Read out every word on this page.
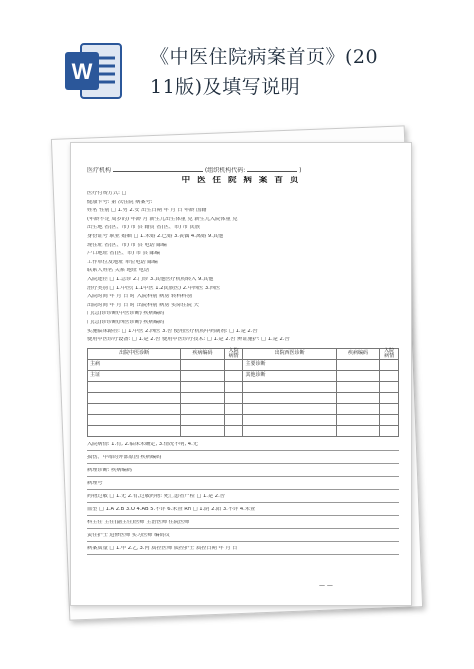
W
《中医住院病案首页》(20
11版)及填写说明
医疗机构	(组织机构代码:	)
中 医 住 院 病 案 首 页
医疗付费方式: □
健康卡号: 第 次住院 病案号:
姓名 性别 □ 1.男 2.女 出生日期 年 月 日 年龄 国籍
(年龄不足 周岁的) 年龄 月 新生儿出生体重 克 新生儿入院体重 克
出生地 省(区、市) 市 县 籍贯 省(区、市) 市 民族
身份证号 职业 婚姻 □ 1.未婚 2.已婚 3.丧偶 4.离婚 9.其他
现住址 省(区、市) 市 县 电话 邮编
户口地址 省(区、市) 市 县 邮编
工作单位及地址 单位电话 邮编
联系人姓名 关系 地址 电话
入院途径 □ 1.急诊 2.门诊 3.其他医疗机构转入 9.其他
治疗类别 □ 1.中医( 1.1中医 1.2民族医) 2.中西医 3.西医
入院时间 年 月 日 时 入院科别 病房 转科科别
出院时间 年 月 日 时 出院科别 病房 实际住院 天
门(急)诊诊断(中医诊断) 疾病编码
门(急)诊诊断(西医诊断) 疾病编码
实施临床路径: □ 1.中医 2.西医 3.否 使用医疗机构中药制剂: □ 1.是 2.否
使用中医诊疗设备: □ 1.是 2.否 使用中医诊疗技术: □ 1.是 2.否 辨证施护: □ 1.是 2.否
出院中医诊断	疾病编码	入院病情	出院西医诊断	疾病编码	入院病情
主病			主要诊断		
主证			其他诊断		

入院病情: 1.有, 2.临床未确定, 3.情况不明, 4.无
损伤、中毒的外部原因 疾病编码
病理诊断: 疾病编码
病理号
药物过敏 □ 1.无 2.有,过敏药物: 死亡患者尸检 □ 1.是 2.否
血型 □ 1.A 2.B 3.O 4.AB 5.不详 6.未查 Rh □ 1.阴 2.阳 3.不详 4.未查
科主任 主任(副主任)医师 主治医师 住院医师
责任护士 进修医师 实习医师 编码员
病案质量 □ 1.甲 2.乙 3.丙 质控医师 质控护士 质控日期 年 月 日
— —
